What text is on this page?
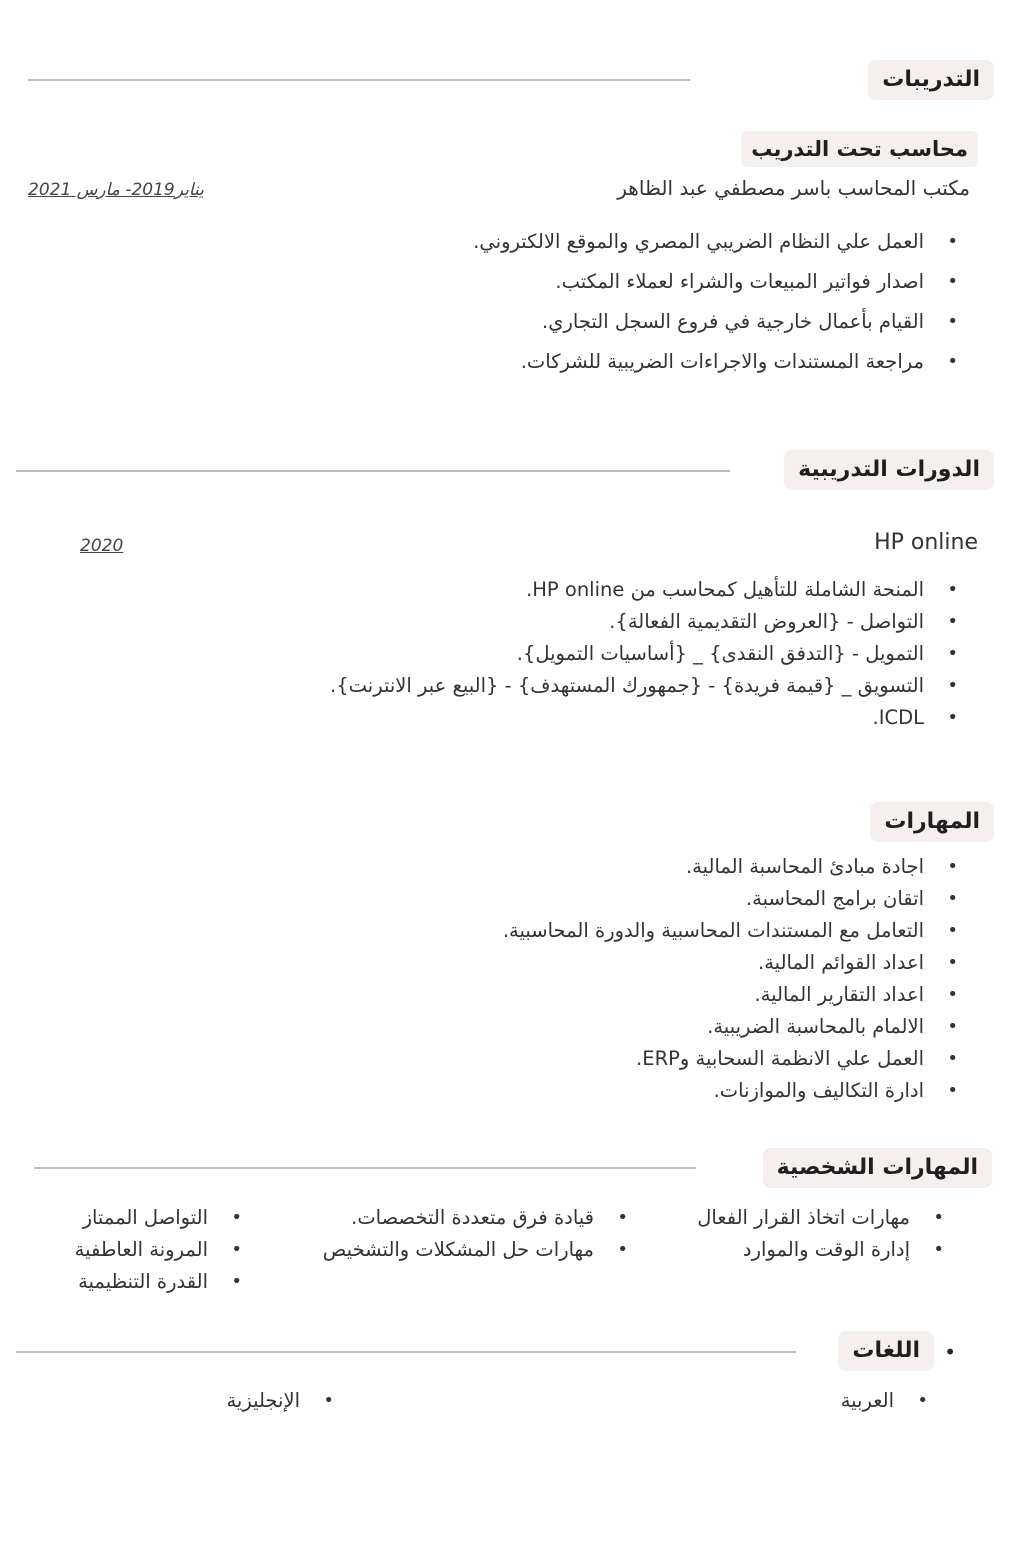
التدريبات
محاسب تحت التدريب
مكتب المحاسب باسر مصطفي عبد الظاهر
يناير2019- مارس 2021
• العمل علي النظام الضريبي المصري والموقع الالكتروني.
• اصدار فواتير المبيعات والشراء لعملاء المكتب.
• القيام بأعمال خارجية في فروع السجل التجاري.
• مراجعة المستندات والاجراءات الضريبية للشركات.
الدورات التدريبية
HP online
2020
• المنحة الشاملة للتأهيل كمحاسب من HP online.
• التواصل - {العروض التقديمية الفعالة}.
• التمويل - {التدفق النقدى} _ {أساسيات التمويل}.
• التسويق _ {قيمة فريدة} - {جمهورك المستهدف} - {البيع عبر الانترنت}.
• ICDL.
المهارات
• اجادة مبادئ المحاسبة المالية.
• اتقان برامج المحاسبة.
• التعامل مع المستندات المحاسبية والدورة المحاسبية.
• اعداد القوائم المالية.
• اعداد التقارير المالية.
• الالمام بالمحاسبة الضريبية.
• العمل علي الانظمة السحابية وERP.
• ادارة التكاليف والموازنات.
المهارات الشخصية
• مهارات اتخاذ القرار الفعال
• إدارة الوقت والموارد
• قيادة فرق متعددة التخصصات.
• مهارات حل المشكلات والتشخيص
• التواصل الممتاز
• المرونة العاطفية
• القدرة التنظيمية
•
اللغات
• العربية
• الإنجليزية
